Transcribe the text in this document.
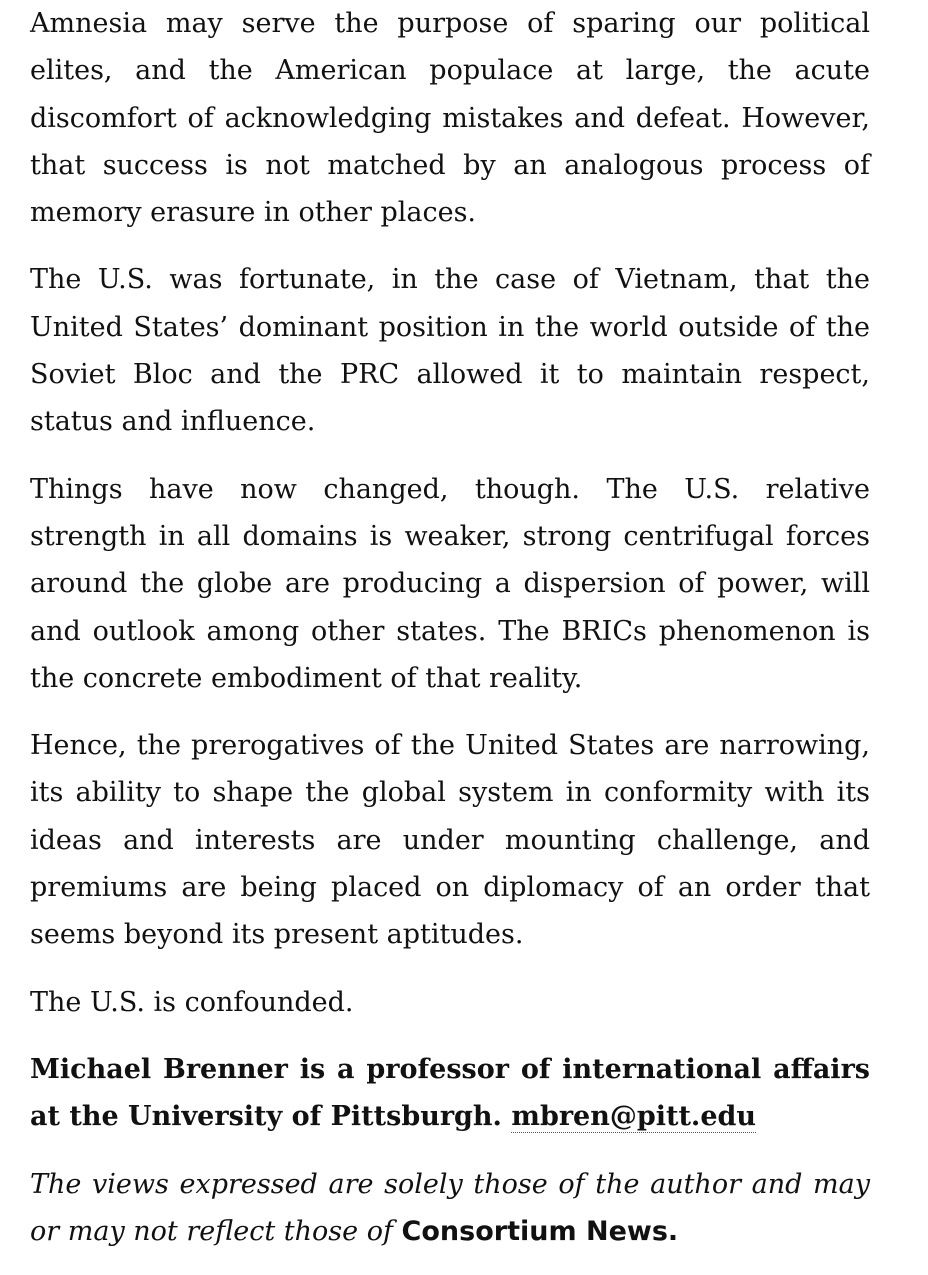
Amnesia may serve the purpose of sparing our political elites, and the American populace at large, the acute discomfort of acknowledging mistakes and defeat. However, that success is not matched by an analogous process of memory erasure in other places.

The U.S. was fortunate, in the case of Vietnam, that the United States’ dominant position in the world outside of the Soviet Bloc and the PRC allowed it to maintain respect, status and influence.

Things have now changed, though. The U.S. relative strength in all domains is weaker, strong centrifugal forces around the globe are producing a dispersion of power, will and outlook among other states. The BRICs phenomenon is the concrete embodiment of that reality.

Hence, the prerogatives of the United States are narrowing, its ability to shape the global system in conformity with its ideas and interests are under mounting challenge, and premiums are being placed on diplomacy of an order that seems beyond its present aptitudes.

The U.S. is confounded.

Michael Brenner is a professor of international affairs at the University of Pittsburgh. mbren@pitt.edu

The views expressed are solely those of the author and may or may not reflect those of Consortium News.
